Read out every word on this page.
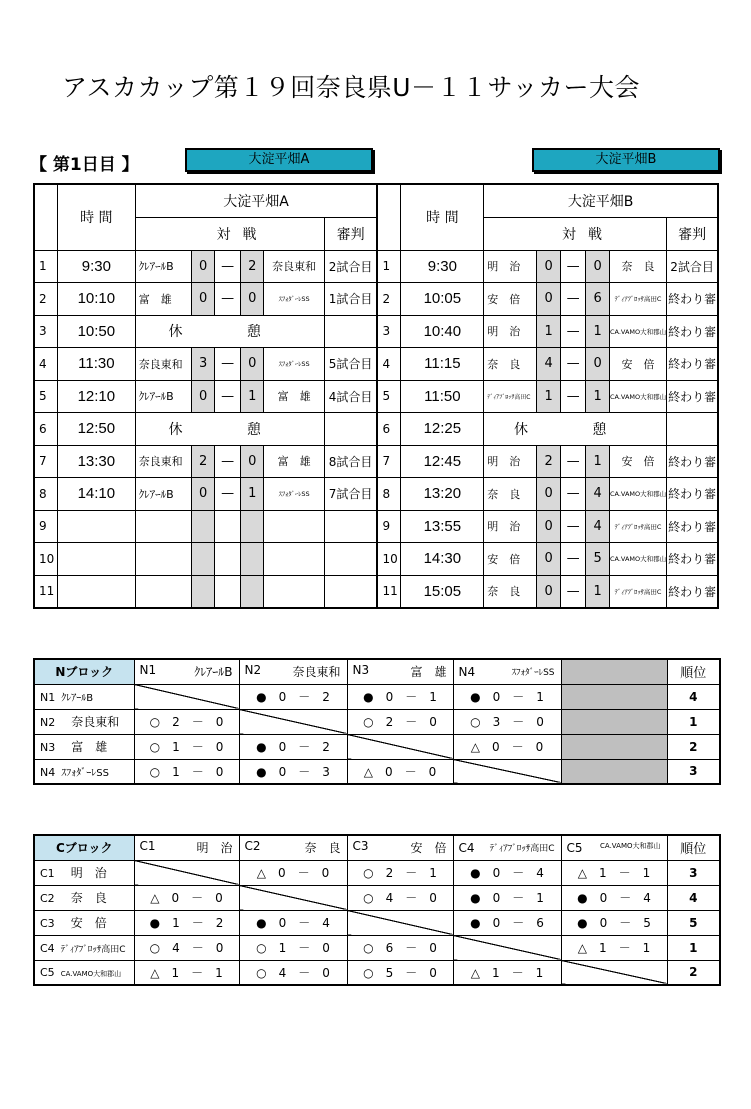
アスカカップ第１９回奈良県U－１１サッカー大会
【 第1日目 】	大淀平畑A	大淀平畑B
	時 間	大淀平畑A							時 間	大淀平畑B					
		対			戦		審判			対			戦		審判
1	9:30	ｸﾚｱｰﾙB	0	—	2	奈良東和	2試合目	1	9:30	明　治	0	—	0	奈　良	2試合目
2	10:10	富　雄	0	—	0	ｽﾌｫﾀﾞｰﾚSS	1試合目	2	10:05	安　倍	0	—	6	ﾃﾞｨｱﾌﾞﾛｯｻ高田C	終わり審
3	10:50	休 憩						3	10:40	明　治	1	—	1	CA.VAMO大和郡山	終わり審
4	11:30	奈良東和	3	—	0	ｽﾌｫﾀﾞｰﾚSS	5試合目	4	11:15	奈　良	4	—	0	安　倍	終わり審
5	12:10	ｸﾚｱｰﾙB	0	—	1	富　雄	4試合目	5	11:50	ﾃﾞｨｱﾌﾞﾛｯｻ高田C	1	—	1	CA.VAMO大和郡山	終わり審
6	12:50	休 憩						6	12:25	休 憩					
7	13:30	奈良東和	2	—	0	富　雄	8試合目	7	12:45	明　治	2	—	1	安　倍	終わり審
8	14:10	ｸﾚｱｰﾙB	0	—	1	ｽﾌｫﾀﾞｰﾚSS	7試合目	8	13:20	奈　良	0	—	4	CA.VAMO大和郡山	終わり審
9								9	13:55	明　治	0	—	4	ﾃﾞｨｱﾌﾞﾛｯｻ高田C	終わり審
10								10	14:30	安　倍	0	—	5	CA.VAMO大和郡山	終わり審
11								11	15:05	奈　良	0	—	1	ﾃﾞｨｱﾌﾞﾛｯｻ高田C	終わり審
Nブロック	N1 ｸﾚｱｰﾙB	N2 奈良東和	N3 富　雄	N4 ｽﾌｫﾀﾞｰﾚSS		順位
N1 ｸﾚｱｰﾙB		●　0　－　2	●　0　－　1	●　0　－　1		4
N2 奈良東和	○　2　－　0		○　2　－　0	○　3　－　0		1
N3 富　雄	○　1　－　0	●　0　－　2		△　0　－　0		2
N4 ｽﾌｫﾀﾞｰﾚSS	○　1　－　0	●　0　－　3	△　0　－　0			3
Cブロック	C1 明　治	C2 奈　良	C3 安　倍	C4 ﾃﾞｨｱﾌﾞﾛｯｻ高田C	C5 CA.VAMO大和郡山	順位
C1 明　治		△　0　－　0	○　2　－　1	●　0　－　4	△　1　－　1	3
C2 奈　良	△　0　－　0		○　4　－　0	●　0　－　1	●　0　－　4	4
C3 安　倍	●　1　－　2	●　0　－　4		●　0　－　6	●　0　－　5	5
C4 ﾃﾞｨｱﾌﾞﾛｯｻ高田C	○　4　－　0	○　1　－　0	○　6　－　0		△　1　－　1	1
C5 CA.VAMO大和郡山	△　1　－　1	○　4　－　0	○　5　－　0	△　1　－　1		2
